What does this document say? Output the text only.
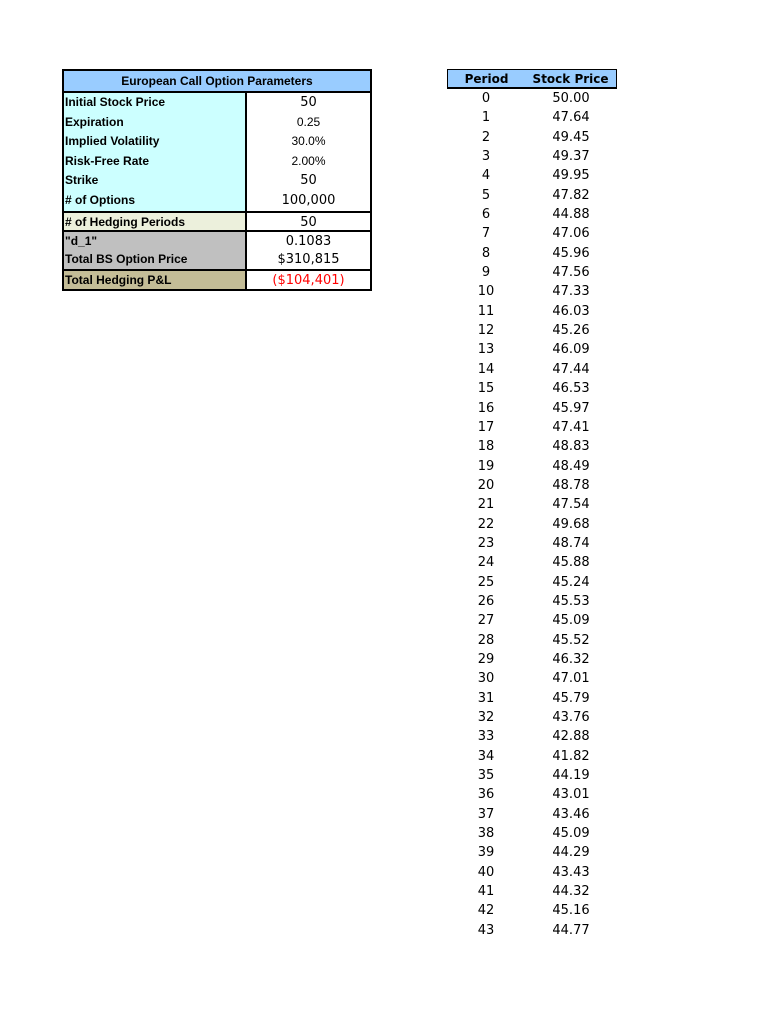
European Call Option Parameters
Initial Stock Price	50
Expiration	0.25
Implied Volatility	30.0%
Risk-Free Rate	2.00%
Strike	50
# of Options	100,000
# of Hedging Periods	50
"d_1"	0.1083
Total BS Option Price	$310,815
Total Hedging P&L	($104,401)
Period	Stock Price
0	50.00
1	47.64
2	49.45
3	49.37
4	49.95
5	47.82
6	44.88
7	47.06
8	45.96
9	47.56
10	47.33
11	46.03
12	45.26
13	46.09
14	47.44
15	46.53
16	45.97
17	47.41
18	48.83
19	48.49
20	48.78
21	47.54
22	49.68
23	48.74
24	45.88
25	45.24
26	45.53
27	45.09
28	45.52
29	46.32
30	47.01
31	45.79
32	43.76
33	42.88
34	41.82
35	44.19
36	43.01
37	43.46
38	45.09
39	44.29
40	43.43
41	44.32
42	45.16
43	44.77
